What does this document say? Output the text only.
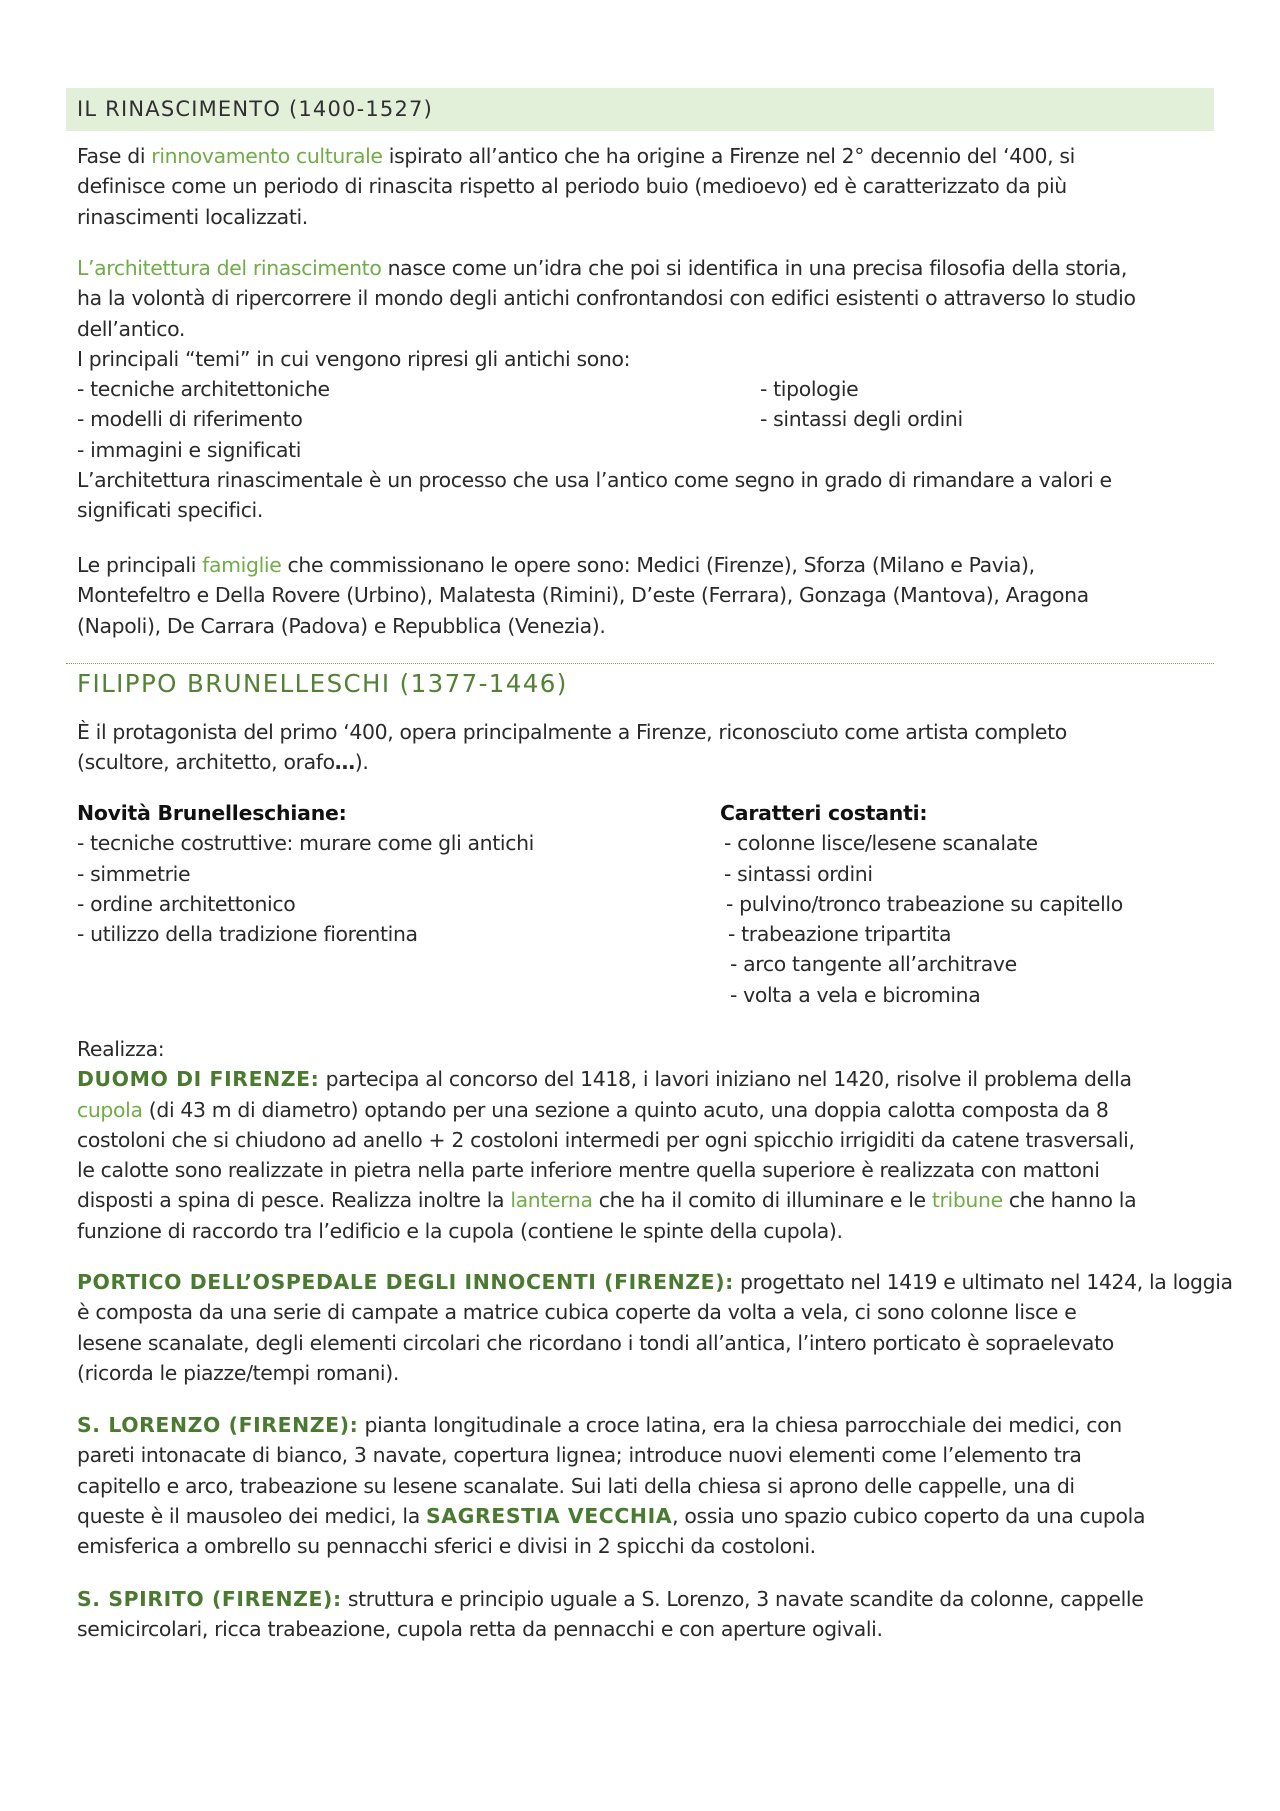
IL RINASCIMENTO (1400-1527)
Fase di rinnovamento culturale ispirato all’antico che ha origine a Firenze nel 2° decennio del ‘400, si
definisce come un periodo di rinascita rispetto al periodo buio (medioevo) ed è caratterizzato da più
rinascimenti localizzati.
L’architettura del rinascimento nasce come un’idra che poi si identifica in una precisa filosofia della storia,
ha la volontà di ripercorrere il mondo degli antichi confrontandosi con edifici esistenti o attraverso lo studio
dell’antico.
I principali “temi” in cui vengono ripresi gli antichi sono:
- tecniche architettoniche
- modelli di riferimento
- immagini e significati
- tipologie
- sintassi degli ordini
L’architettura rinascimentale è un processo che usa l’antico come segno in grado di rimandare a valori e
significati specifici.
Le principali famiglie che commissionano le opere sono: Medici (Firenze), Sforza (Milano e Pavia),
Montefeltro e Della Rovere (Urbino), Malatesta (Rimini), D’este (Ferrara), Gonzaga (Mantova), Aragona
(Napoli), De Carrara (Padova) e Repubblica (Venezia).
FILIPPO BRUNELLESCHI (1377-1446)
È il protagonista del primo ‘400, opera principalmente a Firenze, riconosciuto come artista completo
(scultore, architetto, orafo…).
Novità Brunelleschiane:
- tecniche costruttive: murare come gli antichi
- simmetrie
- ordine architettonico
- utilizzo della tradizione fiorentina
Caratteri costanti:
- colonne lisce/lesene scanalate
- sintassi ordini
- pulvino/tronco trabeazione su capitello
- trabeazione tripartita
- arco tangente all’architrave
- volta a vela e bicromina
Realizza:
DUOMO DI FIRENZE: partecipa al concorso del 1418, i lavori iniziano nel 1420, risolve il problema della
cupola (di 43 m di diametro) optando per una sezione a quinto acuto, una doppia calotta composta da 8
costoloni che si chiudono ad anello + 2 costoloni intermedi per ogni spicchio irrigiditi da catene trasversali,
le calotte sono realizzate in pietra nella parte inferiore mentre quella superiore è realizzata con mattoni
disposti a spina di pesce. Realizza inoltre la lanterna che ha il comito di illuminare e le tribune che hanno la
funzione di raccordo tra l’edificio e la cupola (contiene le spinte della cupola).
PORTICO DELL’OSPEDALE DEGLI INNOCENTI (FIRENZE): progettato nel 1419 e ultimato nel 1424, la loggia
è composta da una serie di campate a matrice cubica coperte da volta a vela, ci sono colonne lisce e
lesene scanalate, degli elementi circolari che ricordano i tondi all’antica, l’intero porticato è sopraelevato
(ricorda le piazze/tempi romani).
S. LORENZO (FIRENZE): pianta longitudinale a croce latina, era la chiesa parrocchiale dei medici, con
pareti intonacate di bianco, 3 navate, copertura lignea; introduce nuovi elementi come l’elemento tra
capitello e arco, trabeazione su lesene scanalate. Sui lati della chiesa si aprono delle cappelle, una di
queste è il mausoleo dei medici, la SAGRESTIA VECCHIA, ossia uno spazio cubico coperto da una cupola
emisferica a ombrello su pennacchi sferici e divisi in 2 spicchi da costoloni.
S. SPIRITO (FIRENZE): struttura e principio uguale a S. Lorenzo, 3 navate scandite da colonne, cappelle
semicircolari, ricca trabeazione, cupola retta da pennacchi e con aperture ogivali.
